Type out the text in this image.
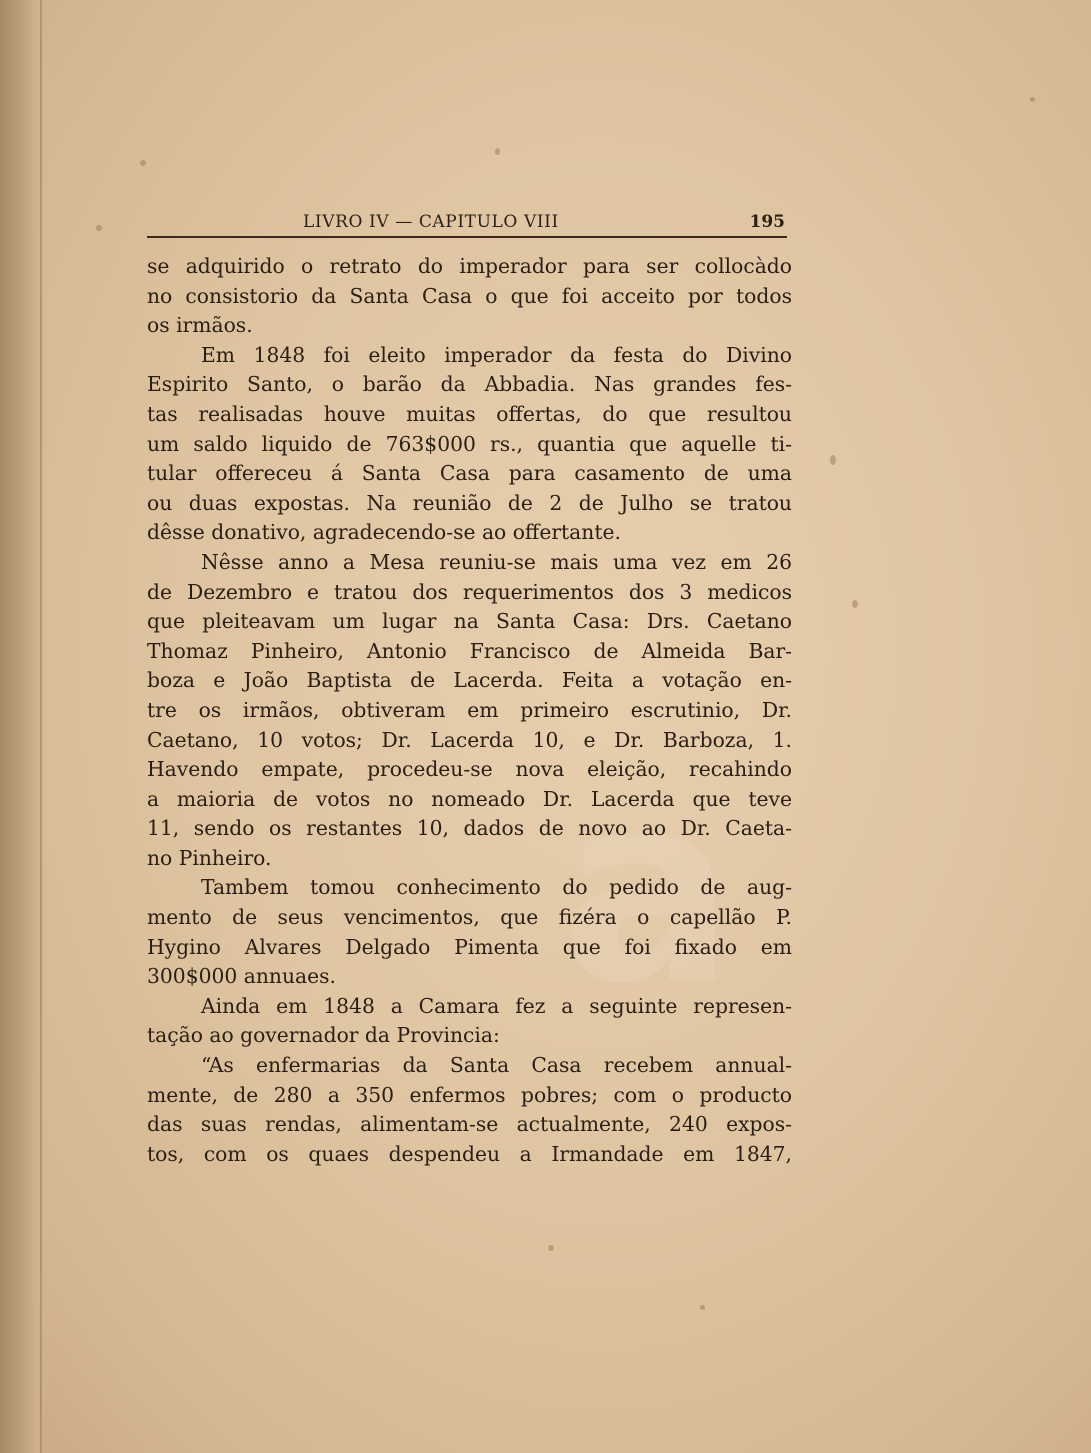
a
LIVRO IV — CAPITULO VIII	195
se adquirido o retrato do imperador para ser collocàdo
no consistorio da Santa Casa o que foi acceito por todos
os irmãos.
Em 1848 foi eleito imperador da festa do Divino
Espirito Santo, o barão da Abbadia. Nas grandes fes-
tas realisadas houve muitas offertas, do que resultou
um saldo liquido de 763$000 rs., quantia que aquelle ti-
tular offereceu á Santa Casa para casamento de uma
ou duas expostas. Na reunião de 2 de Julho se tratou
dêsse donativo, agradecendo-se ao offertante.
Nêsse anno a Mesa reuniu-se mais uma vez em 26
de Dezembro e tratou dos requerimentos dos 3 medicos
que pleiteavam um lugar na Santa Casa: Drs. Caetano
Thomaz Pinheiro, Antonio Francisco de Almeida Bar-
boza e João Baptista de Lacerda. Feita a votação en-
tre os irmãos, obtiveram em primeiro escrutinio, Dr.
Caetano, 10 votos; Dr. Lacerda 10, e Dr. Barboza, 1.
Havendo empate, procedeu-se nova eleição, recahindo
a maioria de votos no nomeado Dr. Lacerda que teve
11, sendo os restantes 10, dados de novo ao Dr. Caeta-
no Pinheiro.
Tambem tomou conhecimento do pedido de aug-
mento de seus vencimentos, que fizéra o capellão P.
Hygino Alvares Delgado Pimenta que foi fixado em
300$000 annuaes.
Ainda em 1848 a Camara fez a seguinte represen-
tação ao governador da Provincia:
“As enfermarias da Santa Casa recebem annual-
mente, de 280 a 350 enfermos pobres; com o producto
das suas rendas, alimentam-se actualmente, 240 expos-
tos, com os quaes despendeu a Irmandade em 1847,
